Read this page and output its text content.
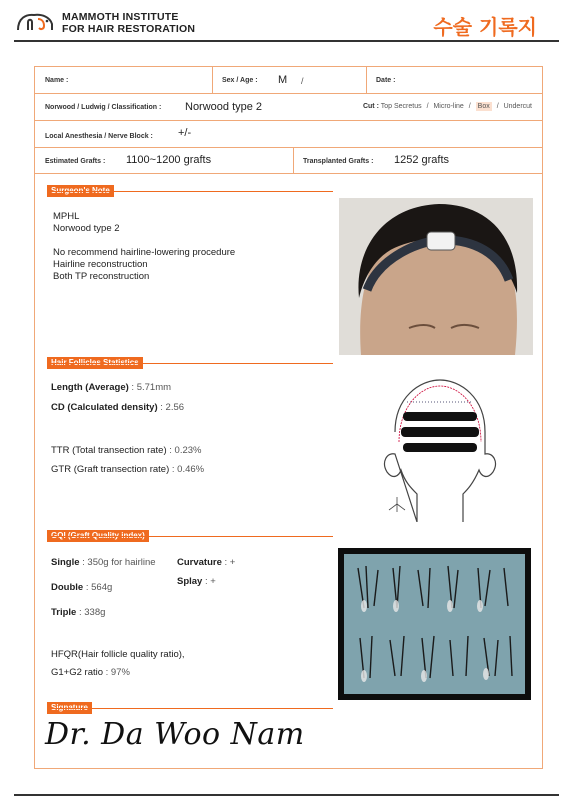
MAMMOTH INSTITUTE
FOR HAIR RESTORATION	수술 기록지
Name :	Sex / Age : M /	Date :
Norwood / Ludwig / Classification : Norwood type 2	Cut : Top Secretus / Micro-line / Box / Undercut
Local Anesthesia / Nerve Block : +/-
Estimated Grafts : 1100~1200 grafts	Transplanted Grafts : 1252 grafts
MPHL
Norwood type 2
No recommend hairline-lowering procedure
Hairline reconstruction
Both TP reconstruction
Length (Average) : 5.71mm
CD (Calculated density) : 2.56
TTR (Total transection rate) : 0.23%
GTR (Graft transection rate) : 0.46%
Single : 350g for hairline Curvature : +
Splay : +
Double : 564g
Triple : 338g
HFQR(Hair follicle quality ratio),
G1+G2 ratio : 97%
Dr. Da Woo Nam
